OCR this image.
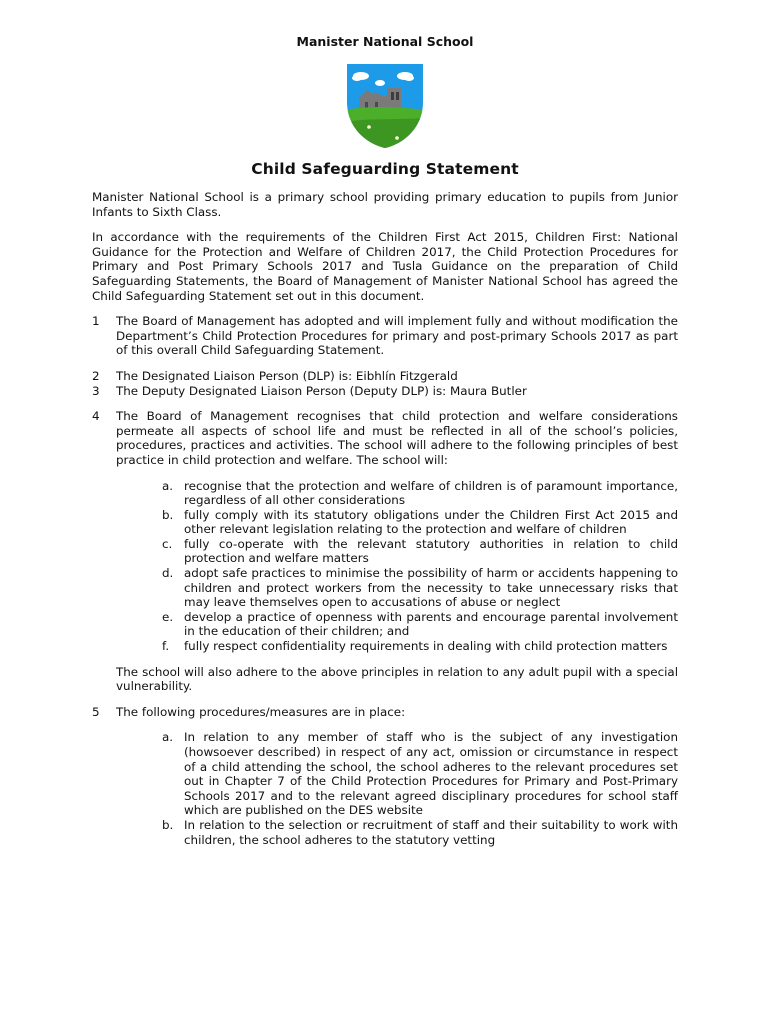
Manister National School
Child Safeguarding Statement

Manister National School is a primary school providing primary education to pupils from Junior Infants to Sixth Class.

In accordance with the requirements of the Children First Act 2015, Children First: National Guidance for the Protection and Welfare of Children 2017, the Child Protection Procedures for Primary and Post Primary Schools 2017 and Tusla Guidance on the preparation of Child Safeguarding Statements, the Board of Management of Manister National School has agreed the Child Safeguarding Statement set out in this document.

1	The Board of Management has adopted and will implement fully and without modification the Department’s Child Protection Procedures for primary and post-primary Schools 2017 as part of this overall Child Safeguarding Statement.
2	The Designated Liaison Person (DLP) is: Eibhlín Fitzgerald
3	The Deputy Designated Liaison Person (Deputy DLP) is: Maura Butler
4	The Board of Management recognises that child protection and welfare considerations permeate all aspects of school life and must be reflected in all of the school’s policies, procedures, practices and activities. The school will adhere to the following principles of best practice in child protection and welfare. The school will:
a. recognise that the protection and welfare of children is of paramount importance, regardless of all other considerations
b. fully comply with its statutory obligations under the Children First Act 2015 and other relevant legislation relating to the protection and welfare of children
c. fully co-operate with the relevant statutory authorities in relation to child protection and welfare matters
d. adopt safe practices to minimise the possibility of harm or accidents happening to children and protect workers from the necessity to take unnecessary risks that may leave themselves open to accusations of abuse or neglect
e. develop a practice of openness with parents and encourage parental involvement in the education of their children; and
f.	fully respect confidentiality requirements in dealing with child protection matters
The school will also adhere to the above principles in relation to any adult pupil with a special vulnerability.
5	The following procedures/measures are in place:
a. In relation to any member of staff who is the subject of any investigation (howsoever described) in respect of any act, omission or circumstance in respect of a child attending the school, the school adheres to the relevant procedures set out in Chapter 7 of the Child Protection Procedures for Primary and Post-Primary Schools 2017 and to the relevant agreed disciplinary procedures for school staff which are published on the DES website
b. In relation to the selection or recruitment of staff and their suitability to work with children, the school adheres to the statutory vetting
